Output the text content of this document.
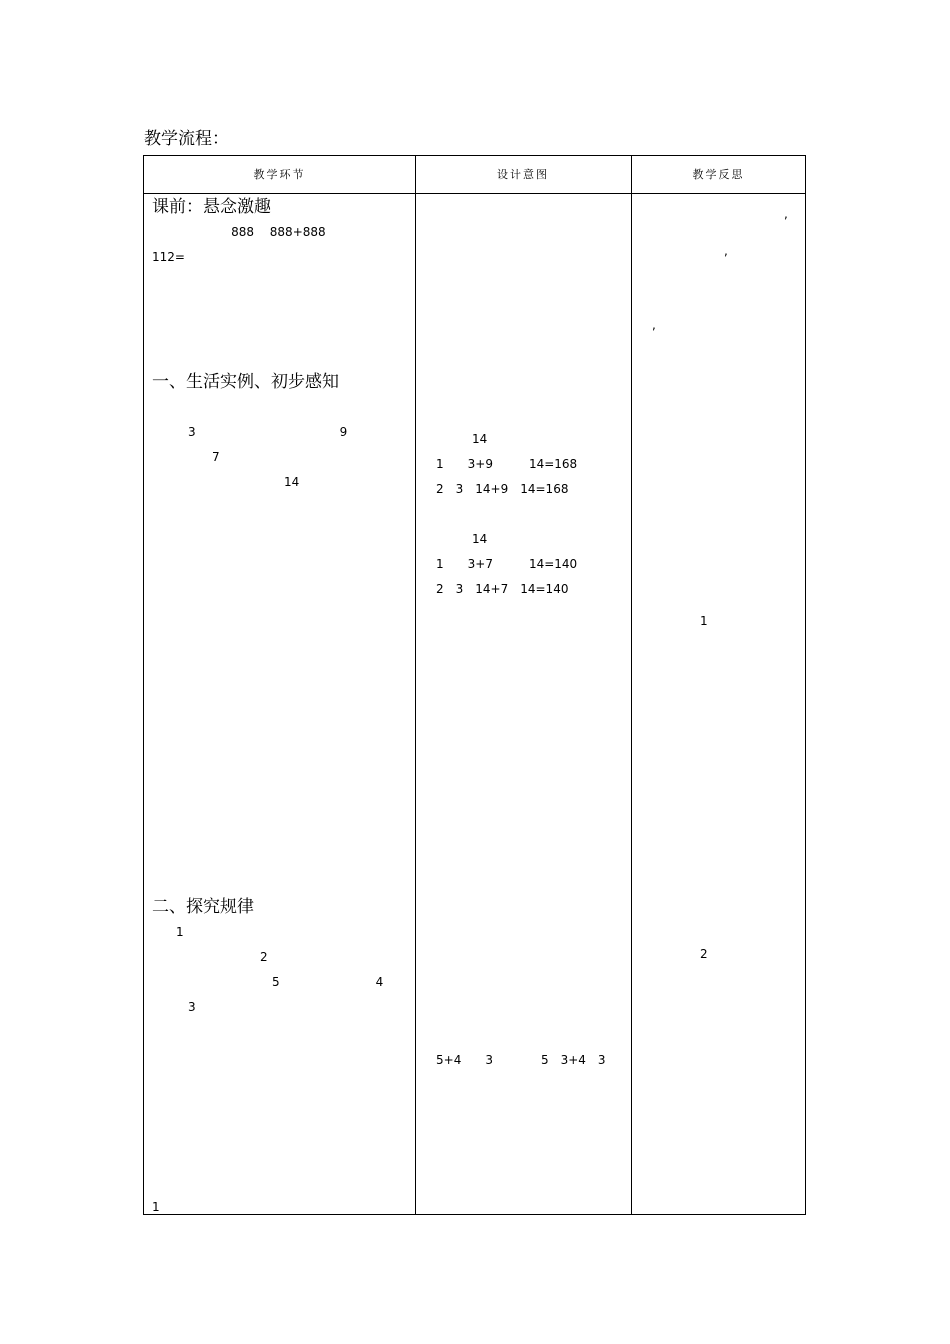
教学流程：
教学环节	设计意图	教学反思
课前：悬念激趣
　 　 　 　 　 888　 888+888　
112=　　　　　　　　　

一、生活实例、初步感知

　　　3　　　　　　　　　　　　9　　　　
　　　　　7　　　　　　　　　　
　　　　　　　　　　　14　　　　　　　

二、探究规律
　　1　　　　　
　　　　　　　　　2　　　　　　
　　　　　　　　　　5　　　　　　　　4　　
　　　3　　　　　　　　　　　　

1　　　　　　　　　　　　　　　　　　　

　　　　14　　　　　　　　
　1　　3+9　　　14=168
　2　3　14+9　14=168

　　　　14　　　　　　　　
　1　　3+7　　　14=140
　2　3　14+7　14=140

　5+4　　3　　　　5　3+4　3
　　　　　　　　　　　　,　　
　　　　　　　,　　　　

　,　　　　　　　

　　　　　1　　　　　

　　　　　2　　　　　
